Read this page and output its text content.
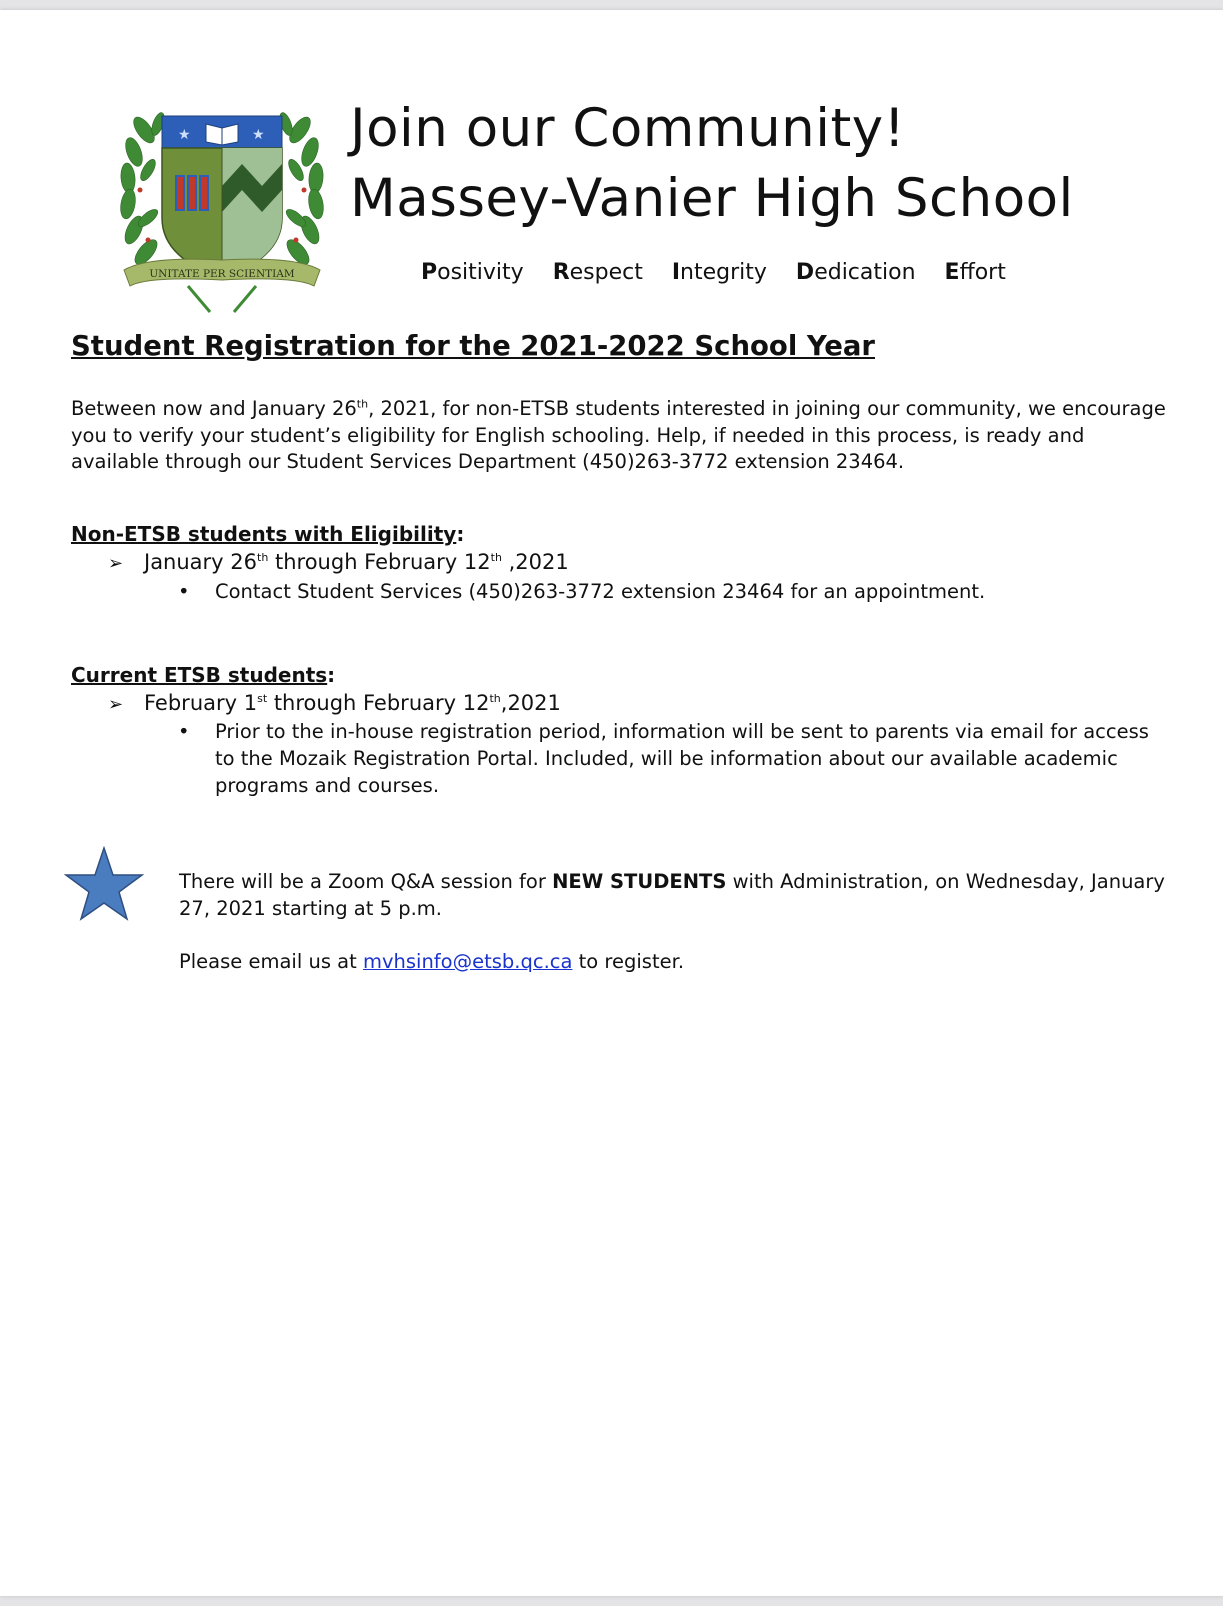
★	★
UNITATE PER SCIENTIAM
Join our Community!
Massey-Vanier High School
Positivity Respect Integrity Dedication Effort
Student Registration for the 2021-2022 School Year

Between now and January 26th, 2021, for non-ETSB students interested in joining our community, we encourage you to verify your student’s eligibility for English schooling. Help, if needed in this process, is ready and available through our Student Services Department (450)263-3772 extension 23464.

Non-ETSB students with Eligibility:
➢ January 26th through February 12th ,2021
• Contact Student Services (450)263-3772 extension 23464 for an appointment.
Current ETSB students:
➢ February 1st through February 12th,2021
• Prior to the in-house registration period, information will be sent to parents via email for access to the Mozaik Registration Portal. Included, will be information about our available academic programs and courses.

There will be a Zoom Q&A session for NEW STUDENTS with Administration, on Wednesday, January 27, 2021 starting at 5 p.m.

Please email us at mvhsinfo@etsb.qc.ca to register.
